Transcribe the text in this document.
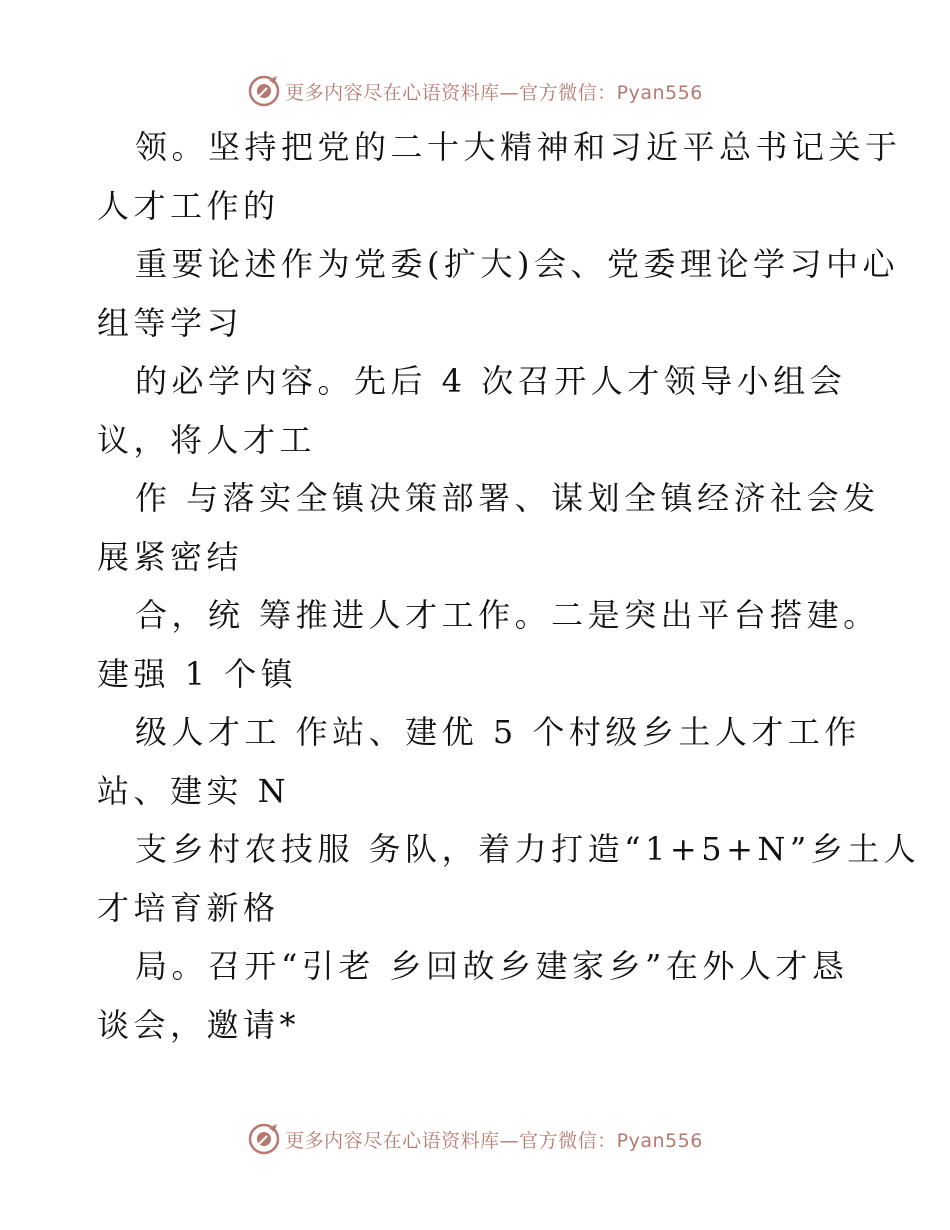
更多内容尽在心语资料库—官方微信：Pyan556
领。坚持把党的二十大精神和习近平总书记关于
人才工作的
重要论述作为党委(扩大)会、党委理论学习中心
组等学习
的必学内容。先后 4 次召开人才领导小组会
议，将人才工
作 与落实全镇决策部署、谋划全镇经济社会发
展紧密结
合，统 筹推进人才工作。二是突出平台搭建。
建强 1 个镇
级人才工 作站、建优 5 个村级乡土人才工作
站、建实 N
支乡村农技服 务队，着力打造“1+5+N”乡土人
才培育新格
局。召开“引老 乡回故乡建家乡”在外人才恳
谈会，邀请*
更多内容尽在心语资料库—官方微信：Pyan556
